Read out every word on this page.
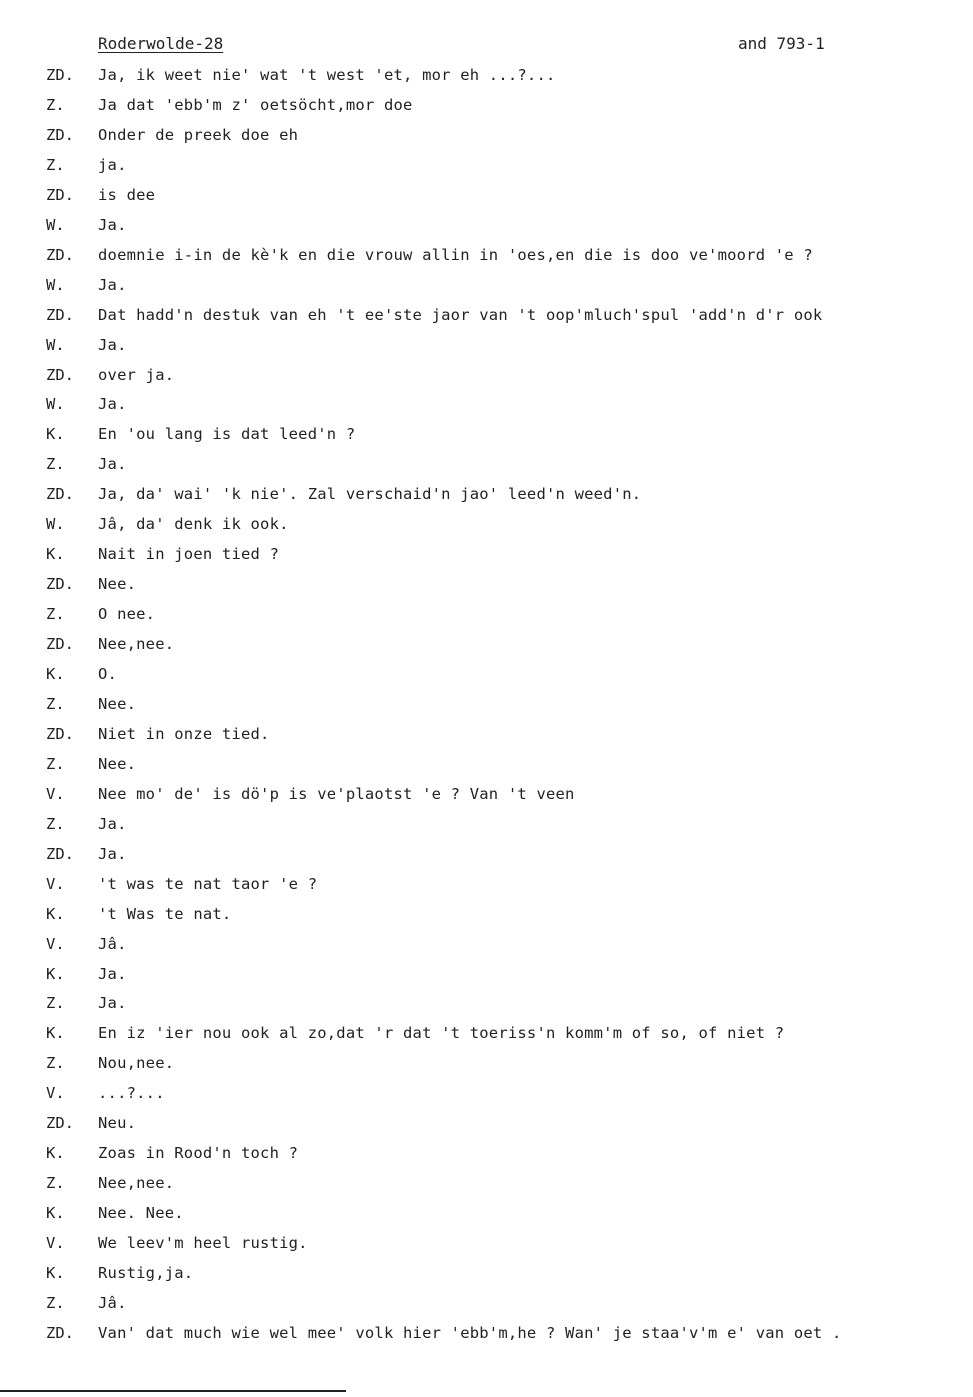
Roderwolde-28	and 793-1
ZD. Ja, ik weet nie' wat 't west 'et, mor eh ...?...
Z. Ja dat 'ebb'm z' oetsöcht,mor doe
ZD. Onder de preek doe eh
Z. ja.
ZD. is dee
W. Ja.
ZD. doemnie i-in de kè'k en die vrouw allin in 'oes,en die is doo ve'moord 'e ?
W. Ja.
ZD. Dat hadd'n destuk van eh 't ee'ste jaor van 't oop'mluch'spul 'add'n d'r ook
W. Ja.
ZD. over ja.
W. Ja.
K. En 'ou lang is dat leed'n ?
Z. Ja.
ZD. Ja, da' wai' 'k nie'. Zal verschaid'n jao' leed'n weed'n.
W. Jâ, da' denk ik ook.
K. Nait in joen tied ?
ZD. Nee.
Z. O nee.
ZD. Nee,nee.
K. O.
Z. Nee.
ZD. Niet in onze tied.
Z. Nee.
V. Nee mo' de' is dö'p is ve'plaotst 'e ? Van 't veen
Z. Ja.
ZD. Ja.
V. 't was te nat taor 'e ?
K. 't Was te nat.
V. Jâ.
K. Ja.
Z. Ja.
K. En iz 'ier nou ook al zo,dat 'r dat 't toeriss'n komm'm of so, of niet ?
Z. Nou,nee.
V. ...?...
ZD. Neu.
K. Zoas in Rood'n toch ?
Z. Nee,nee.
K. Nee. Nee.
V. We leev'm heel rustig.
K. Rustig,ja.
Z. Jâ.
ZD. Van' dat much wie wel mee' volk hier 'ebb'm,he ? Wan' je staa'v'm e' van oet .
